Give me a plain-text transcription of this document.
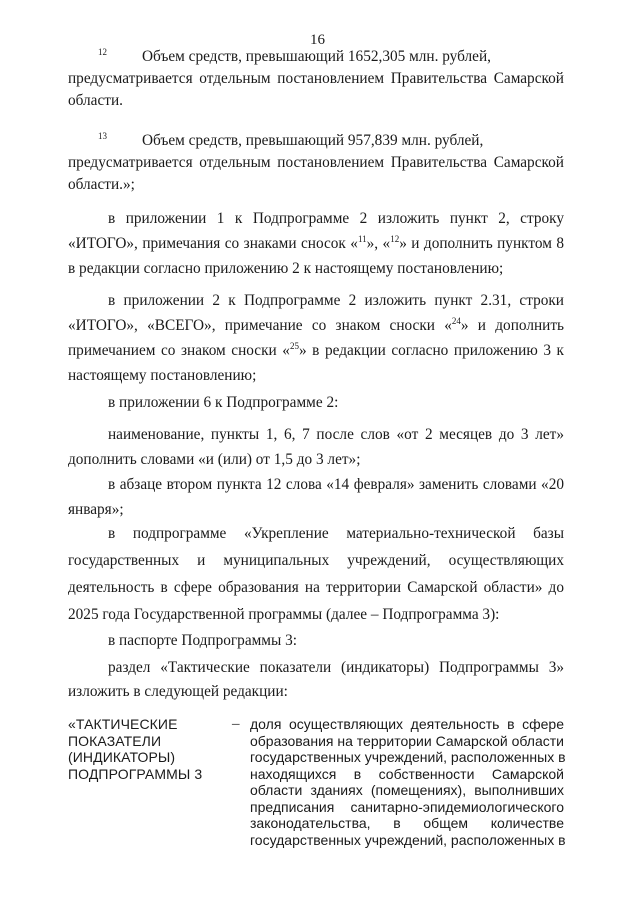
16

$^{12}$ Объем средств, превышающий 1652,305 млн. рублей,

предусматривается отдельным постановлением Правительства Самарской области.

$^{13}$ Объем средств, превышающий 957,839 млн. рублей,

предусматривается отдельным постановлением Правительства Самарской области.»;

в приложении 1 к Подпрограмме 2 изложить пункт 2, строку «ИТОГО», примечания со знаками сносок «$^{11}$», «$^{12}$» и дополнить пунктом 8 в редакции согласно приложению 2 к настоящему постановлению;

в приложении 2 к Подпрограмме 2 изложить пункт 2.31, строки «ИТОГО», «ВСЕГО», примечание со знаком сноски «$^{24}$» и дополнить примечанием со знаком сноски «$^{25}$» в редакции согласно приложению 3 к настоящему постановлению;

в приложении 6 к Подпрограмме 2:

наименование, пункты 1, 6, 7 после слов «от 2 месяцев до 3 лет» дополнить словами «и (или) от 1,5 до 3 лет»;

в абзаце втором пункта 12 слова «14 февраля» заменить словами «20 января»;

в подпрограмме «Укрепление материально-технической базы государственных и муниципальных учреждений, осуществляющих деятельность в сфере образования на территории Самарской области» до 2025 года Государственной программы (далее – Подпрограмма 3):

в паспорте Подпрограммы 3:

раздел «Тактические показатели (индикаторы) Подпрограммы 3» изложить в следующей редакции:

«ТАКТИЧЕСКИЕ
ПОКАЗАТЕЛИ
(ИНДИКАТОРЫ)
ПОДПРОГРАММЫ 3
– доля осуществляющих деятельность в сфере
образования на территории Самарской области
государственных учреждений, расположенных в
находящихся в собственности Самарской
области зданиях (помещениях), выполнивших
предписания санитарно-эпидемиологического
законодательства, в общем количестве
государственных учреждений, расположенных в
